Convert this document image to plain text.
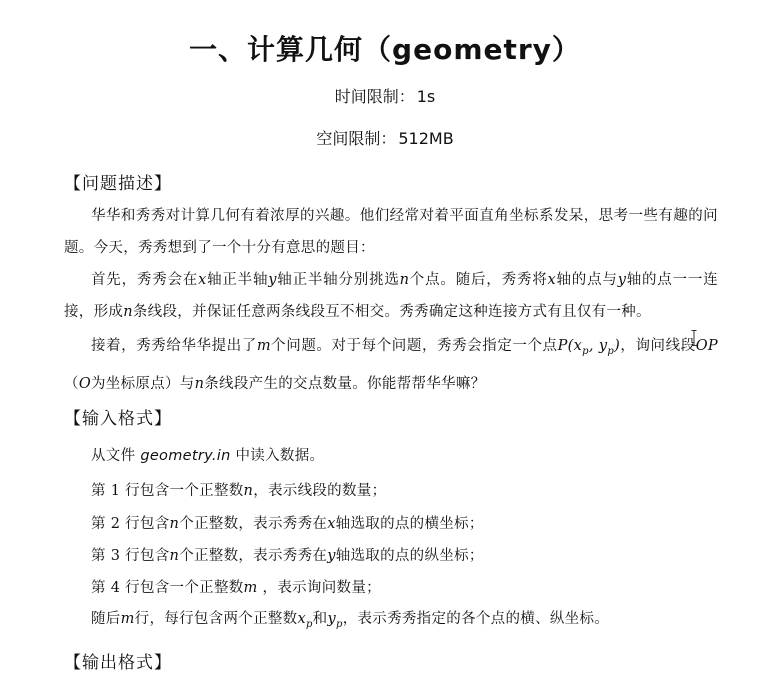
一、计算几何（geometry）
时间限制： 1s
空间限制： 512MB
【问题描述】
华华和秀秀对计算几何有着浓厚的兴趣。他们经常对着平面直角坐标系发呆，思考一些有趣的问题。今天，秀秀想到了一个十分有意思的题目：
首先，秀秀会在x轴正半轴y轴正半轴分别挑选n个点。随后，秀秀将x轴的点与y轴的点一一连接，形成n条线段，并保证任意两条线段互不相交。秀秀确定这种连接方式有且仅有一种。
接着，秀秀给华华提出了m个问题。对于每个问题，秀秀会指定一个点$P(x_p$, $y_p$)，询问线段OP（O为坐标原点）与n条线段产生的交点数量。你能帮帮华华嘛？
【输入格式】
从文件 geometry.in 中读入数据。
第 1 行包含一个正整数n，表示线段的数量；
第 2 行包含n个正整数，表示秀秀在x轴选取的点的横坐标；
第 3 行包含n个正整数，表示秀秀在y轴选取的点的纵坐标；
第 4 行包含一个正整数m ，表示询问数量；
随后m行，每行包含两个正整数$x_p$和$y_p$，表示秀秀指定的各个点的横、纵坐标。
【输出格式】
